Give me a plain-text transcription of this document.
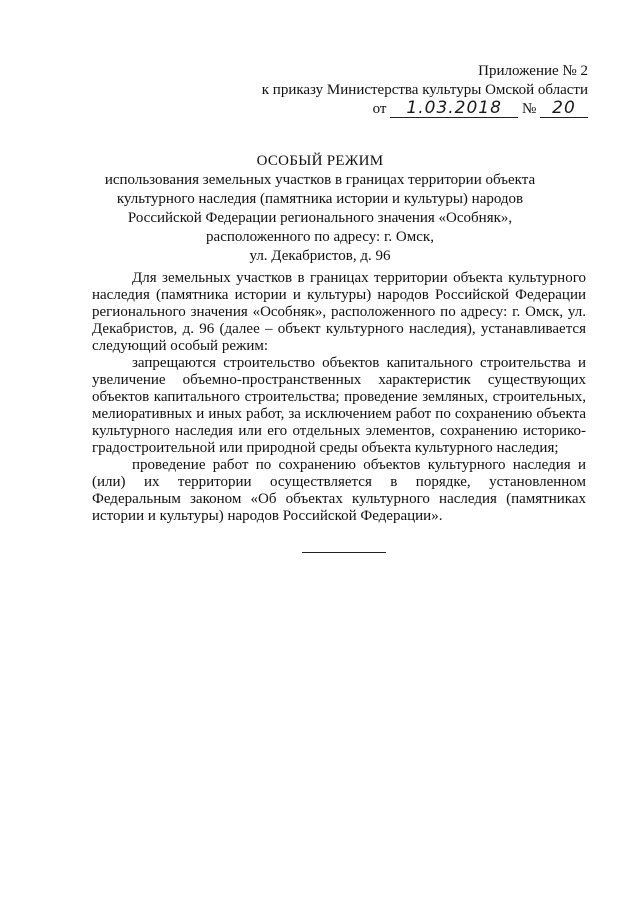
Приложение № 2
к приказу Министерства культуры Омской области
от 1.03.2018 № 20
ОСОБЫЙ РЕЖИМ
использования земельных участков в границах территории объекта
культурного наследия (памятника истории и культуры) народов
Российской Федерации регионального значения «Особняк»,
расположенного по адресу: г. Омск,
ул. Декабристов, д. 96

Для земельных участков в границах территории объекта культурного наследия (памятника истории и культуры) народов Российской Федерации регионального значения «Особняк», расположенного по адресу: г. Омск, ул. Декабристов, д. 96 (далее – объект культурного наследия), устанавливается следующий особый режим:

запрещаются строительство объектов капитального строительства и увеличение объемно-пространственных характеристик существующих объектов капитального строительства; проведение земляных, строительных, мелиоративных и иных работ, за исключением работ по сохранению объекта культурного наследия или его отдельных элементов, сохранению историко-градостроительной или природной среды объекта культурного наследия;

проведение работ по сохранению объектов культурного наследия и (или) их территории осуществляется в порядке, установленном Федеральным законом «Об объектах культурного наследия (памятниках истории и культуры) народов Российской Федерации».
